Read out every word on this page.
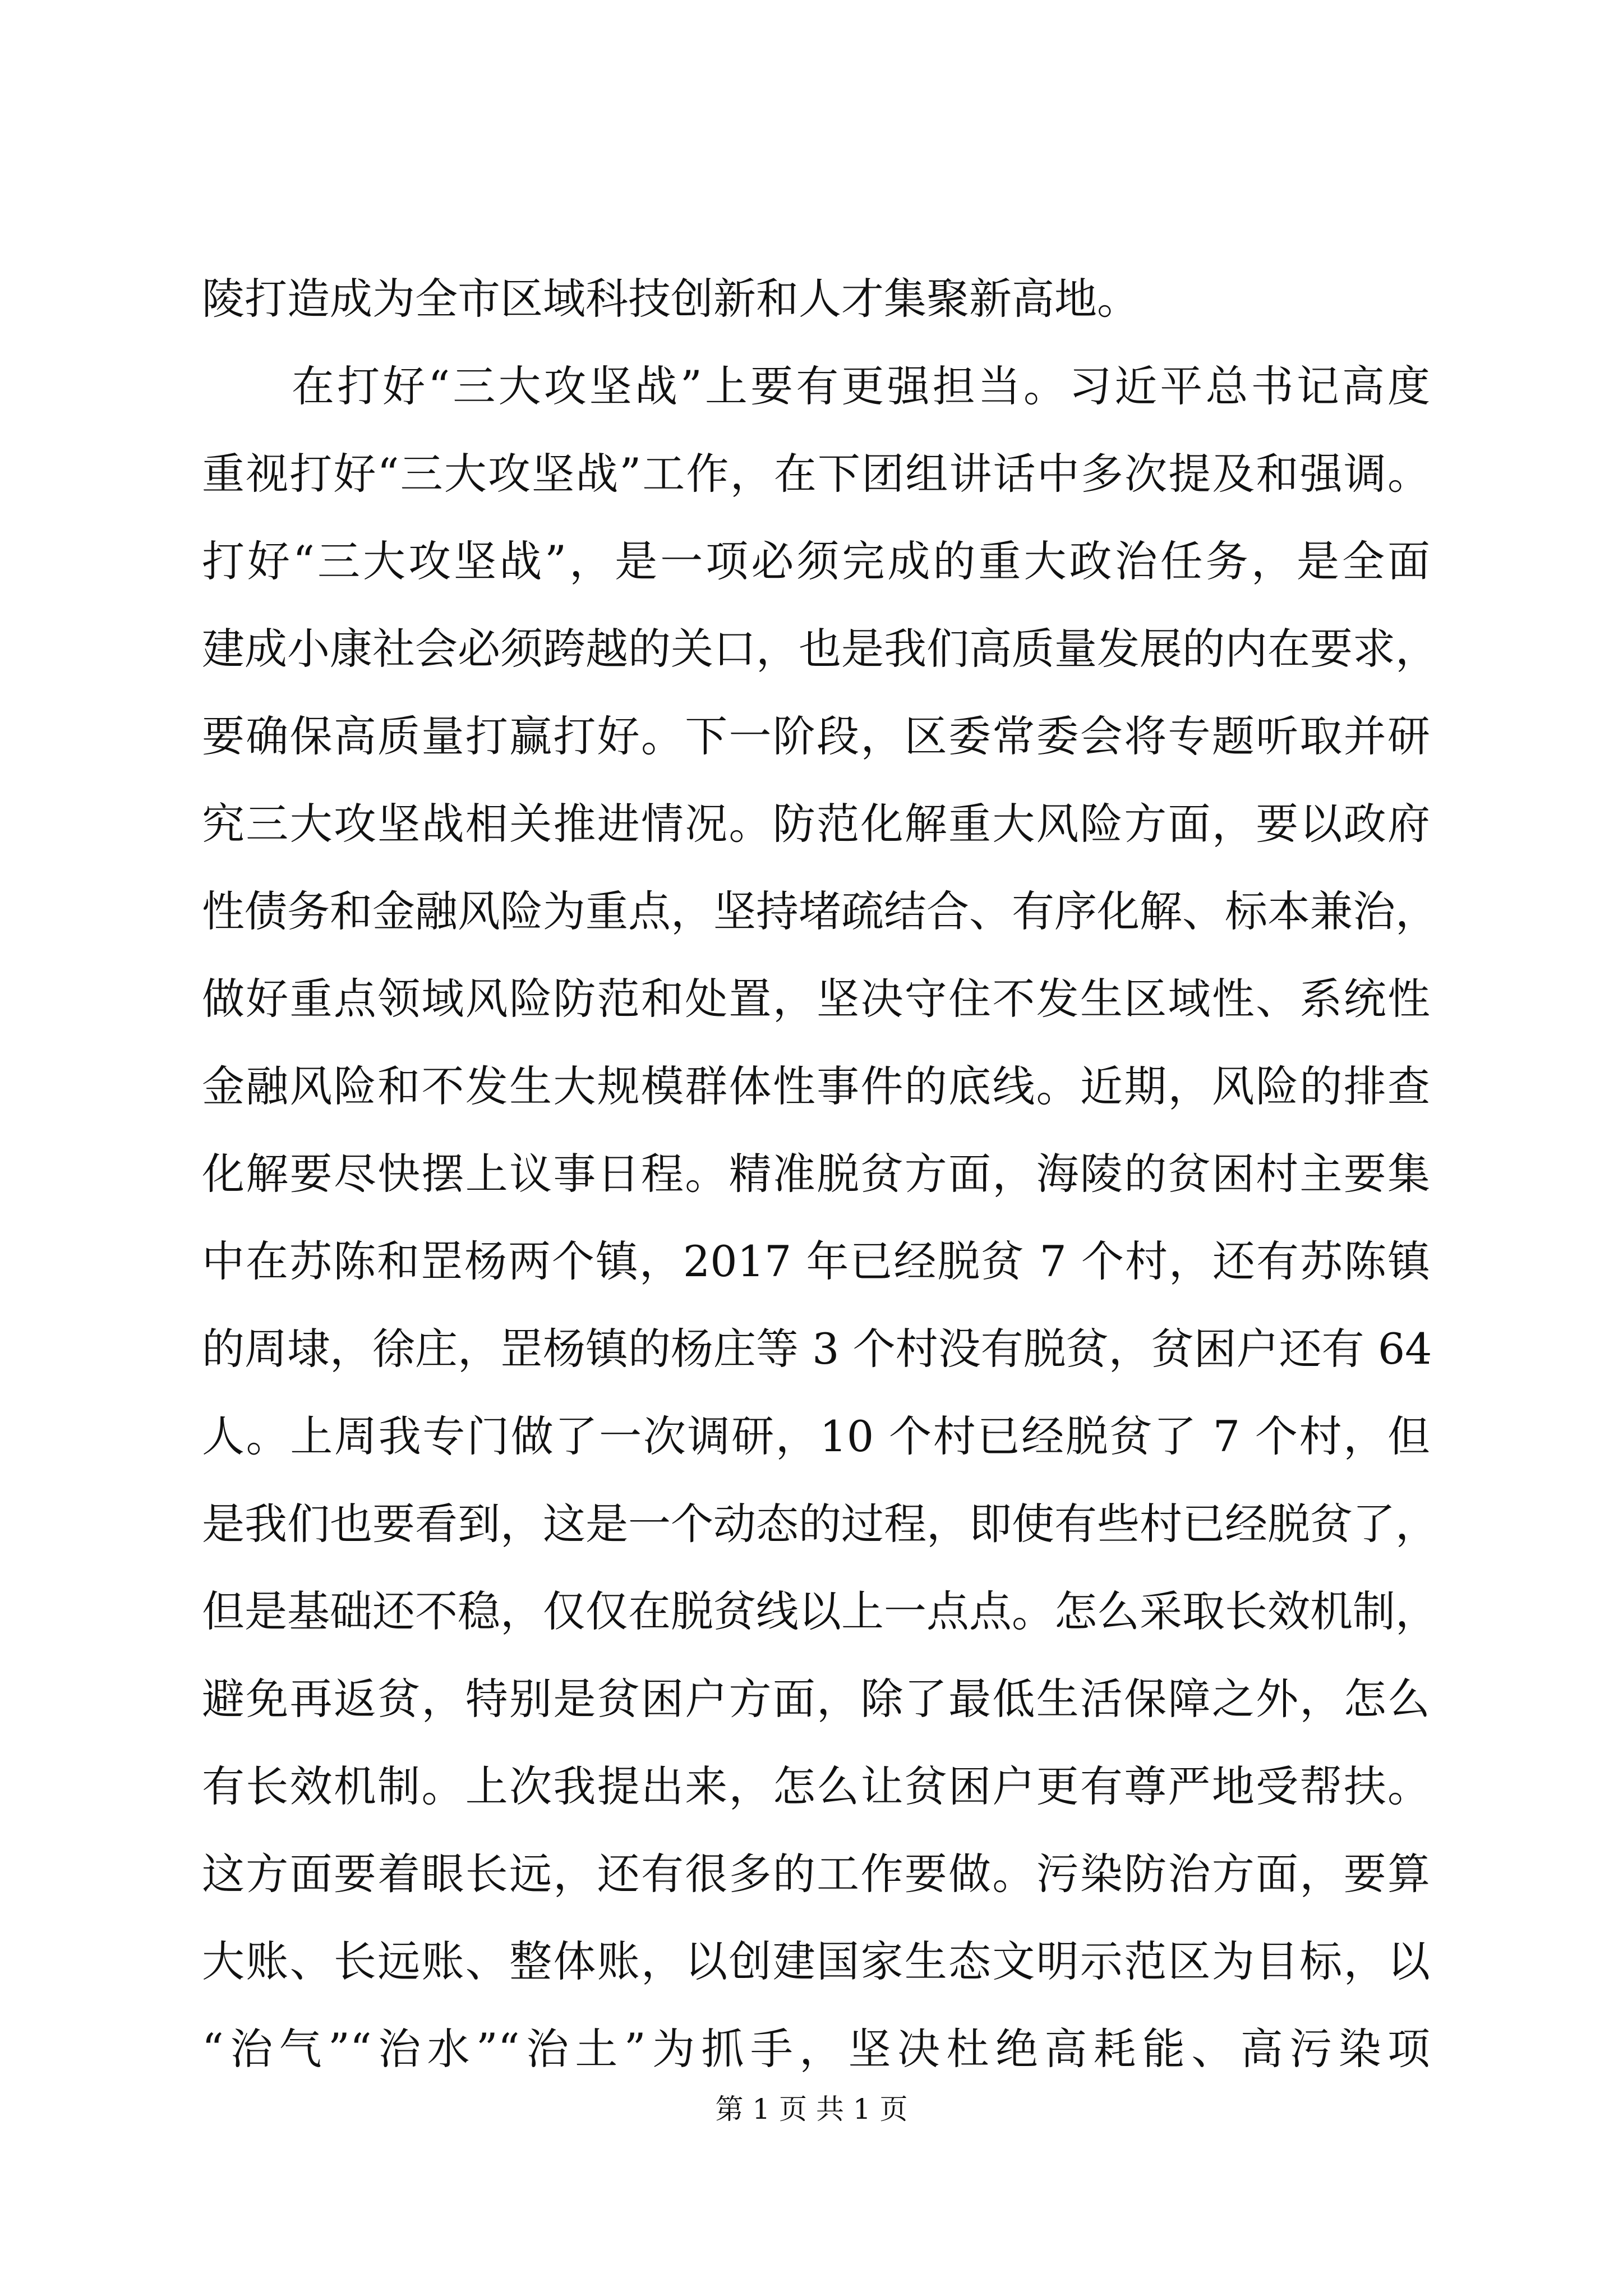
陵打造成为全市区域科技创新和人才集聚新高地。
在打好“三大攻坚战”上要有更强担当。习近平总书记高度
重视打好“三大攻坚战”工作，在下团组讲话中多次提及和强调。
打好“三大攻坚战”，是一项必须完成的重大政治任务，是全面
建成小康社会必须跨越的关口，也是我们高质量发展的内在要求，
要确保高质量打赢打好。下一阶段，区委常委会将专题听取并研
究三大攻坚战相关推进情况。防范化解重大风险方面，要以政府
性债务和金融风险为重点，坚持堵疏结合、有序化解、标本兼治，
做好重点领域风险防范和处置，坚决守住不发生区域性、系统性
金融风险和不发生大规模群体性事件的底线。近期，风险的排查
化解要尽快摆上议事日程。精准脱贫方面，海陵的贫困村主要集
中在苏陈和罡杨两个镇，2017 年已经脱贫 7 个村，还有苏陈镇
的周埭，徐庄，罡杨镇的杨庄等 3 个村没有脱贫，贫困户还有 64
人。上周我专门做了一次调研，10 个村已经脱贫了 7 个村，但
是我们也要看到，这是一个动态的过程，即使有些村已经脱贫了，
但是基础还不稳，仅仅在脱贫线以上一点点。怎么采取长效机制，
避免再返贫，特别是贫困户方面，除了最低生活保障之外，怎么
有长效机制。上次我提出来，怎么让贫困户更有尊严地受帮扶。
这方面要着眼长远，还有很多的工作要做。污染防治方面，要算
大账、长远账、整体账，以创建国家生态文明示范区为目标，以
“治气”“治水”“治土”为抓手，坚决杜绝高耗能、高污染项
第 1 页 共 1 页
